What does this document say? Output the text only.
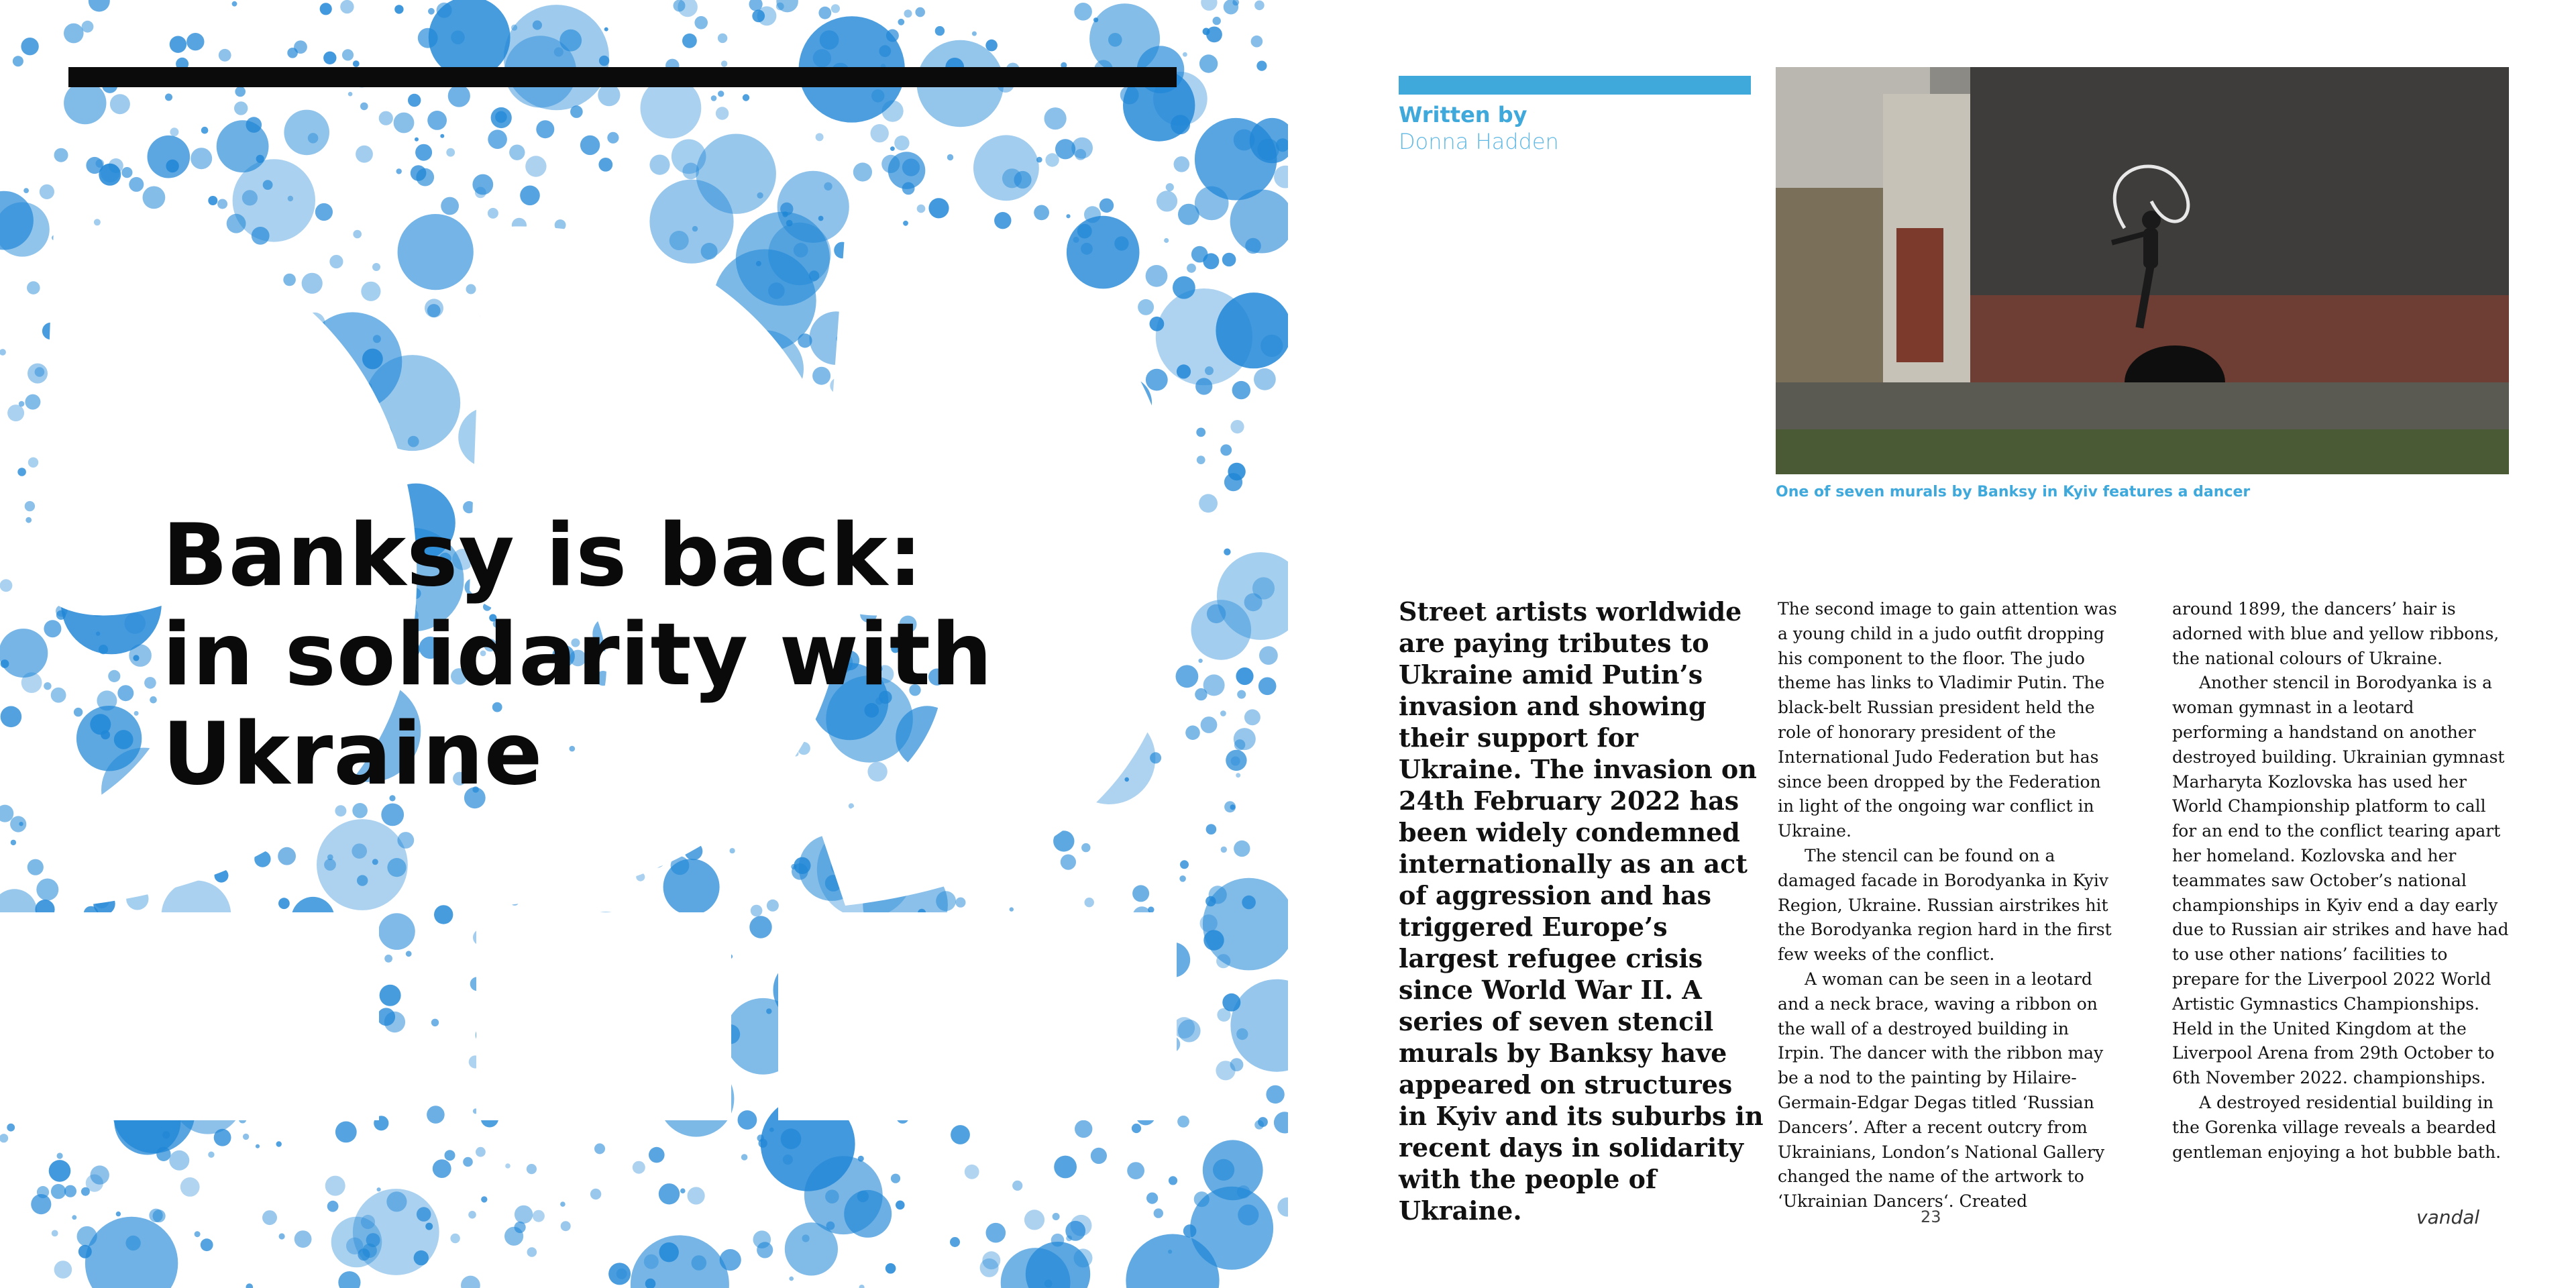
Banksy is back:
in solidarity with
Ukraine
Written by
Donna Hadden
One of seven murals by Banksy in Kyiv features a dancer

Street artists worldwide are paying tributes to Ukraine amid Putin’s invasion and showing their support for Ukraine. The invasion on 24th February 2022 has been widely condemned internationally as an act of aggression and has triggered Europe’s largest refugee crisis since World War II. A series of seven stencil murals by Banksy have appeared on structures in Kyiv and its suburbs in recent days in solidarity with the people of Ukraine.

The second image to gain attention was a young child in a judo outfit dropping his component to the floor. The judo theme has links to Vladimir Putin. The black-belt Russian president held the role of honorary president of the International Judo Federation but has since been dropped by the Federation in light of the ongoing war conflict in Ukraine.

The stencil can be found on a damaged facade in Borodyanka in Kyiv Region, Ukraine. Russian airstrikes hit the Borodyanka region hard in the first few weeks of the conflict.

A woman can be seen in a leotard and a neck brace, waving a ribbon on the wall of a destroyed building in Irpin. The dancer with the ribbon may be a nod to the painting by Hilaire-Germain-Edgar Degas titled ‘Russian Dancers’. After a recent outcry from Ukrainians, London’s National Gallery changed the name of the artwork to ‘Ukrainian Dancers‘. Created

around 1899, the dancers’ hair is adorned with blue and yellow ribbons, the national colours of Ukraine.

Another stencil in Borodyanka is a woman gymnast in a leotard performing a handstand on another destroyed building. Ukrainian gymnast Marharyta Kozlovska has used her World Championship platform to call for an end to the conflict tearing apart her homeland. Kozlovska and her teammates saw October’s national championships in Kyiv end a day early due to Russian air strikes and have had to use other nations’ facilities to prepare for the Liverpool 2022 World Artistic Gymnastics Championships. Held in the United Kingdom at the Liverpool Arena from 29th October to 6th November 2022. championships.

A destroyed residential building in the Gorenka village reveals a bearded gentleman enjoying a hot bubble bath.

23	vandal
